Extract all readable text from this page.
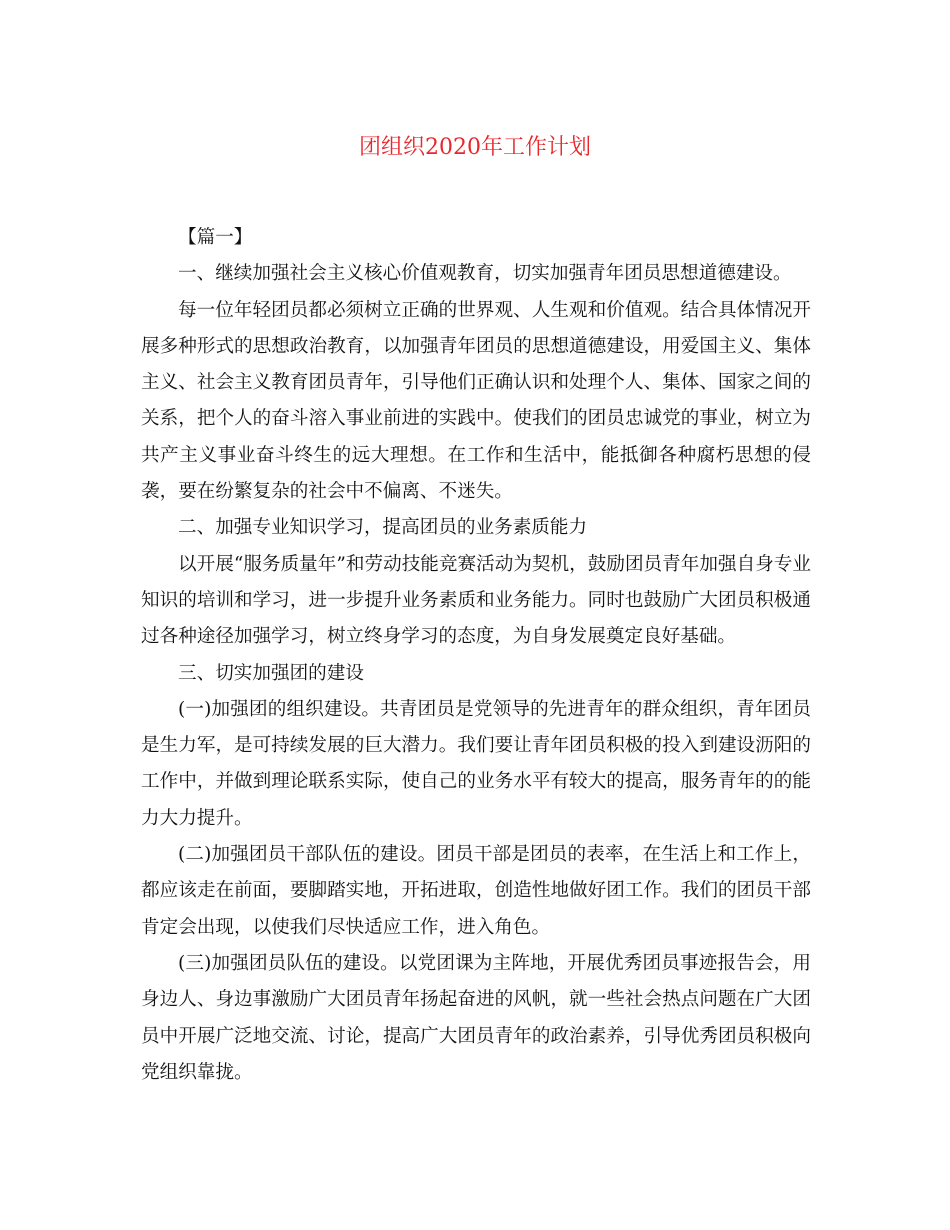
团组织2020年工作计划

【篇一】

一、继续加强社会主义核心价值观教育，切实加强青年团员思想道德建设。

每一位年轻团员都必须树立正确的世界观、人生观和价值观。结合具体情况开展多种形式的思想政治教育，以加强青年团员的思想道德建设，用爱国主义、集体主义、社会主义教育团员青年，引导他们正确认识和处理个人、集体、国家之间的关系，把个人的奋斗溶入事业前进的实践中。使我们的团员忠诚党的事业，树立为共产主义事业奋斗终生的远大理想。在工作和生活中，能抵御各种腐朽思想的侵袭，要在纷繁复杂的社会中不偏离、不迷失。

二、加强专业知识学习，提高团员的业务素质能力

以开展“服务质量年”和劳动技能竞赛活动为契机，鼓励团员青年加强自身专业知识的培训和学习，进一步提升业务素质和业务能力。同时也鼓励广大团员积极通过各种途径加强学习，树立终身学习的态度，为自身发展奠定良好基础。

三、切实加强团的建设

(一)加强团的组织建设。共青团员是党领导的先进青年的群众组织，青年团员是生力军，是可持续发展的巨大潜力。我们要让青年团员积极的投入到建设沥阳的工作中，并做到理论联系实际，使自己的业务水平有较大的提高，服务青年的的能力大力提升。

(二)加强团员干部队伍的建设。团员干部是团员的表率，在生活上和工作上，都应该走在前面，要脚踏实地，开拓进取，创造性地做好团工作。我们的团员干部肯定会出现，以使我们尽快适应工作，进入角色。

(三)加强团员队伍的建设。以党团课为主阵地，开展优秀团员事迹报告会，用身边人、身边事激励广大团员青年扬起奋进的风帆，就一些社会热点问题在广大团员中开展广泛地交流、讨论，提高广大团员青年的政治素养，引导优秀团员积极向党组织靠拢。
